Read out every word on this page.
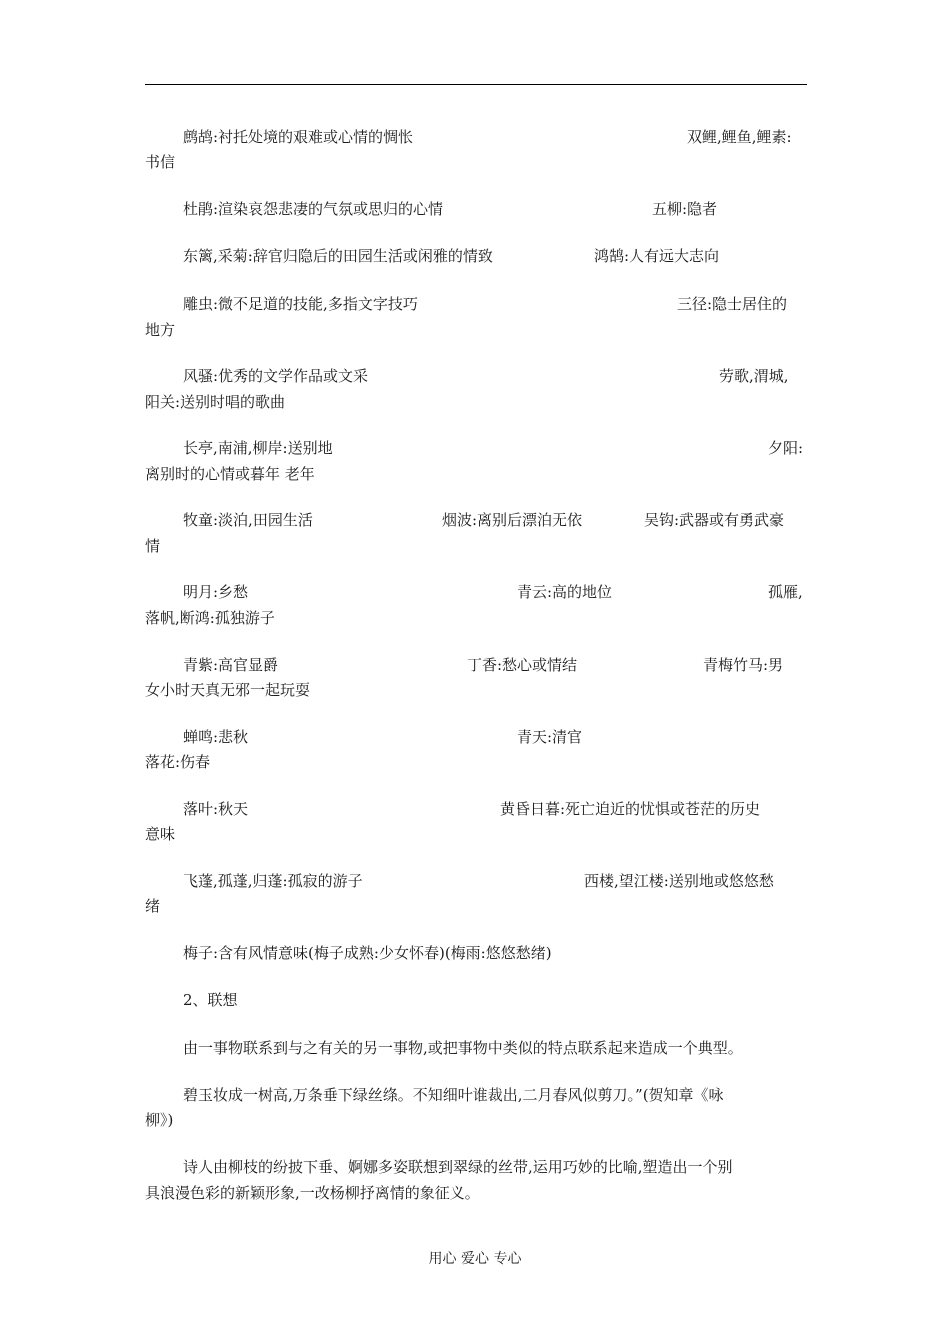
鹧鸪:衬托处境的艰难或心情的惆怅	双鲤,鲤鱼,鲤素:
书信
杜鹃:渲染哀怨悲凄的气氛或思归的心情	五柳:隐者
东篱,采菊:辞官归隐后的田园生活或闲雅的情致	鸿鹄:人有远大志向
雕虫:微不足道的技能,多指文字技巧	三径:隐士居住的
地方
风骚:优秀的文学作品或文采	劳歌,渭城,
阳关:送别时唱的歌曲
长亭,南浦,柳岸:送别地	夕阳:
离别时的心情或暮年 老年
牧童:淡泊,田园生活	烟波:离别后漂泊无依	吴钩:武器或有勇武豪
情
明月:乡愁	青云:高的地位	孤雁,
落帆,断鸿:孤独游子
青紫:高官显爵	丁香:愁心或情结	青梅竹马:男
女小时天真无邪一起玩耍
蝉鸣:悲秋	青天:清官
落花:伤春
落叶:秋天	黄昏日暮:死亡迫近的忧惧或苍茫的历史
意味
飞蓬,孤蓬,归蓬:孤寂的游子	西楼,望江楼:送别地或悠悠愁
绪
梅子:含有风情意味(梅子成熟:少女怀春)(梅雨:悠悠愁绪)
2、联想
由一事物联系到与之有关的另一事物,或把事物中类似的特点联系起来造成一个典型。
碧玉妆成一树高,万条垂下绿丝绦。不知细叶谁裁出,二月春风似剪刀。”(贺知章《咏
柳》)
诗人由柳枝的纷披下垂、婀娜多姿联想到翠绿的丝带,运用巧妙的比喻,塑造出一个别
具浪漫色彩的新颖形象,一改杨柳抒离情的象征义。
用心 爱心 专心
